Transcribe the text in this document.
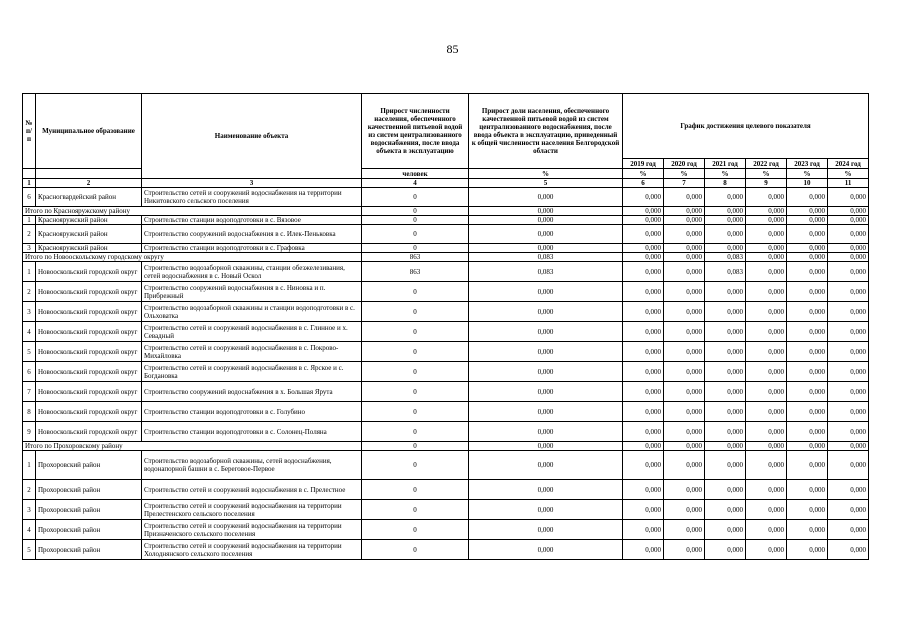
85
№ п/п	Муниципальное образование	Наименование объекта	Прирост численности населения, обеспеченного качественной питьевой водой из систем централизованного водоснабжения, после ввода объекта в эксплуатацию	Прирост доли населения, обеспеченного качественной питьевой водой из систем централизованного водоснабжения, после ввода объекта в эксплуатацию, приведенный к общей численности населения Белгородской области	График достижения целевого показателя					
					2019 год	2020 год	2021 год	2022 год	2023 год	2024 год
			человек	%	%	%	%	%	%	%
1	2	3	4	5	6	7	8	9	10	11
6	Красногвардейский район	Строительство сетей и сооружений водоснабжения на территории Никитовского сельского поселения	0	0,000	0,000	0,000	0,000	0,000	0,000	0,000
Итого по Краснояружскому району			0	0,000	0,000	0,000	0,000	0,000	0,000	0,000
1	Краснояружский район	Строительство станции водоподготовки в с. Вязовое	0	0,000	0,000	0,000	0,000	0,000	0,000	0,000
2	Краснояружский район	Строительство сооружений водоснабжения в с. Илек-Пеньковка	0	0,000	0,000	0,000	0,000	0,000	0,000	0,000
3	Краснояружский район	Строительство станции водоподготовки в с. Графовка	0	0,000	0,000	0,000	0,000	0,000	0,000	0,000
Итого по Новооскольскому городскому округу			863	0,083	0,000	0,000	0,083	0,000	0,000	0,000
1	Новооскольский городской округ	Строительство водозаборной скважины, станции обезжелезивания, сетей водоснабжения в с. Новый Оскол	863	0,083	0,000	0,000	0,083	0,000	0,000	0,000
2	Новооскольский городской округ	Строительство сооружений водоснабжения в с. Ниновка и п. Прибрежный	0	0,000	0,000	0,000	0,000	0,000	0,000	0,000
3	Новооскольский городской округ	Строительство водозаборной скважины и станции водоподготовки в с. Ольховатка	0	0,000	0,000	0,000	0,000	0,000	0,000	0,000
4	Новооскольский городской округ	Строительство сетей и сооружений водоснабжения в с. Глинное и х. Севадный	0	0,000	0,000	0,000	0,000	0,000	0,000	0,000
5	Новооскольский городской округ	Строительство сетей и сооружений водоснабжения в с. Покрово-Михайловка	0	0,000	0,000	0,000	0,000	0,000	0,000	0,000
6	Новооскольский городской округ	Строительство сетей и сооружений водоснабжения в с. Ярское и с. Богдановка	0	0,000	0,000	0,000	0,000	0,000	0,000	0,000
7	Новооскольский городской округ	Строительство сооружений водоснабжения в х. Большая Ярута	0	0,000	0,000	0,000	0,000	0,000	0,000	0,000
8	Новооскольский городской округ	Строительство станции водоподготовки в с. Голубино	0	0,000	0,000	0,000	0,000	0,000	0,000	0,000
9	Новооскольский городской округ	Строительство станции водоподготовки в с. Солонец-Поляна	0	0,000	0,000	0,000	0,000	0,000	0,000	0,000
Итого по Прохоровскому району			0	0,000	0,000	0,000	0,000	0,000	0,000	0,000
1	Прохоровский район	Строительство водозаборной скважины, сетей водоснабжения, водонапорной башни в с. Береговое-Первое	0	0,000	0,000	0,000	0,000	0,000	0,000	0,000
2	Прохоровский район	Строительство сетей и сооружений водоснабжения в с. Прелестное	0	0,000	0,000	0,000	0,000	0,000	0,000	0,000
3	Прохоровский район	Строительство сетей и сооружений водоснабжения на территории Прелестенского сельского поселения	0	0,000	0,000	0,000	0,000	0,000	0,000	0,000
4	Прохоровский район	Строительство сетей и сооружений водоснабжения на территории Призначенского сельского поселения	0	0,000	0,000	0,000	0,000	0,000	0,000	0,000
5	Прохоровский район	Строительство сетей и сооружений водоснабжения на территории Холоднянского сельского поселения	0	0,000	0,000	0,000	0,000	0,000	0,000	0,000
